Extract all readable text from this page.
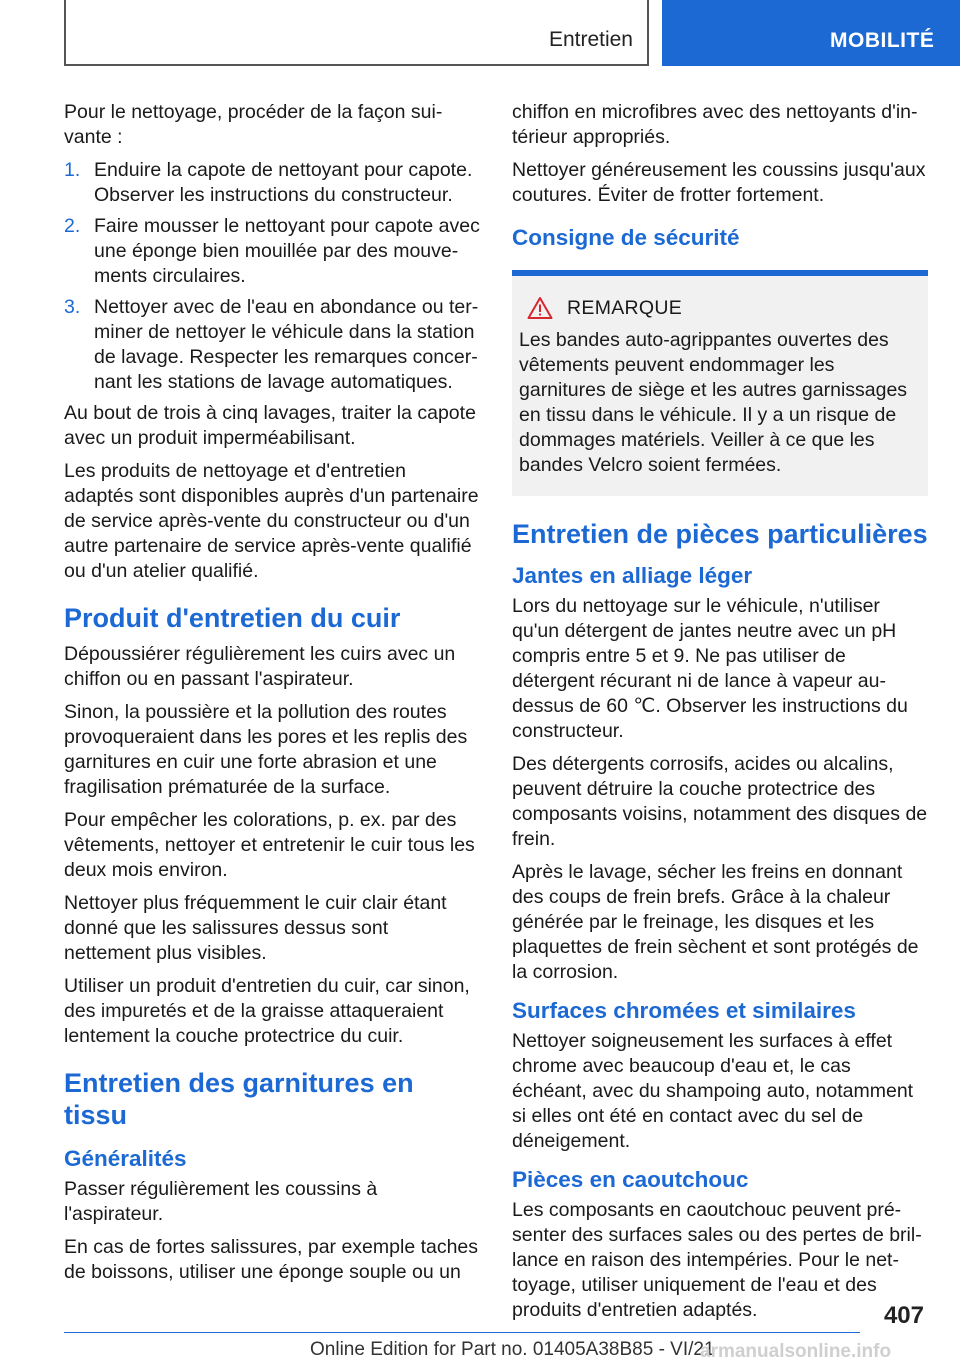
Entretien	MOBILITÉ

Pour le nettoyage, procéder de la façon suivante :

1. Enduire la capote de nettoyant pour capote. Observer les instructions du constructeur.
2. Faire mousser le nettoyant pour capote avec une éponge bien mouillée par des mouvements circulaires.
3. Nettoyer avec de l'eau en abondance ou terminer de nettoyer le véhicule dans la station de lavage. Respecter les remarques concernant les stations de lavage automatiques.

Au bout de trois à cinq lavages, traiter la capote avec un produit imperméabilisant.

Les produits de nettoyage et d'entretien adaptés sont disponibles auprès d'un partenaire de service après-vente du constructeur ou d'un autre partenaire de service après-vente qualifié ou d'un atelier qualifié.

Produit d'entretien du cuir

Dépoussiérer régulièrement les cuirs avec un chiffon ou en passant l'aspirateur.

Sinon, la poussière et la pollution des routes provoqueraient dans les pores et les replis des garnitures en cuir une forte abrasion et une fragilisation prématurée de la surface.

Pour empêcher les colorations, p. ex. par des vêtements, nettoyer et entretenir le cuir tous les deux mois environ.

Nettoyer plus fréquemment le cuir clair étant donné que les salissures dessus sont nettement plus visibles.

Utiliser un produit d'entretien du cuir, car sinon, des impuretés et de la graisse attaqueraient lentement la couche protectrice du cuir.

Entretien des garnitures en tissu
Généralités

Passer régulièrement les coussins à l'aspirateur.

En cas de fortes salissures, par exemple taches de boissons, utiliser une éponge souple ou un

chiffon en microfibres avec des nettoyants d'intérieur appropriés.

Nettoyer généreusement les coussins jusqu'aux coutures. Éviter de frotter fortement.

Consigne de sécurité
REMARQUE

Les bandes auto-agrippantes ouvertes des vêtements peuvent endommager les garnitures de siège et les autres garnissages en tissu dans le véhicule. Il y a un risque de dommages matériels. Veiller à ce que les bandes Velcro soient fermées.

Entretien de pièces particulières
Jantes en alliage léger

Lors du nettoyage sur le véhicule, n'utiliser qu'un détergent de jantes neutre avec un pH compris entre 5 et 9. Ne pas utiliser de détergent récurant ni de lance à vapeur au-dessus de 60 ℃. Observer les instructions du constructeur.

Des détergents corrosifs, acides ou alcalins, peuvent détruire la couche protectrice des composants voisins, notamment des disques de frein.

Après le lavage, sécher les freins en donnant des coups de frein brefs. Grâce à la chaleur générée par le freinage, les disques et les plaquettes de frein sèchent et sont protégés de la corrosion.

Surfaces chromées et similaires

Nettoyer soigneusement les surfaces à effet chrome avec beaucoup d'eau et, le cas échéant, avec du shampoing auto, notamment si elles ont été en contact avec du sel de déneigement.

Pièces en caoutchouc

Les composants en caoutchouc peuvent présenter des surfaces sales ou des pertes de brillance en raison des intempéries. Pour le nettoyage, utiliser uniquement de l'eau et des produits d'entretien adaptés.	407
Online Edition for Part no. 01405A38B85 - VI/21
armanualsonline.info
